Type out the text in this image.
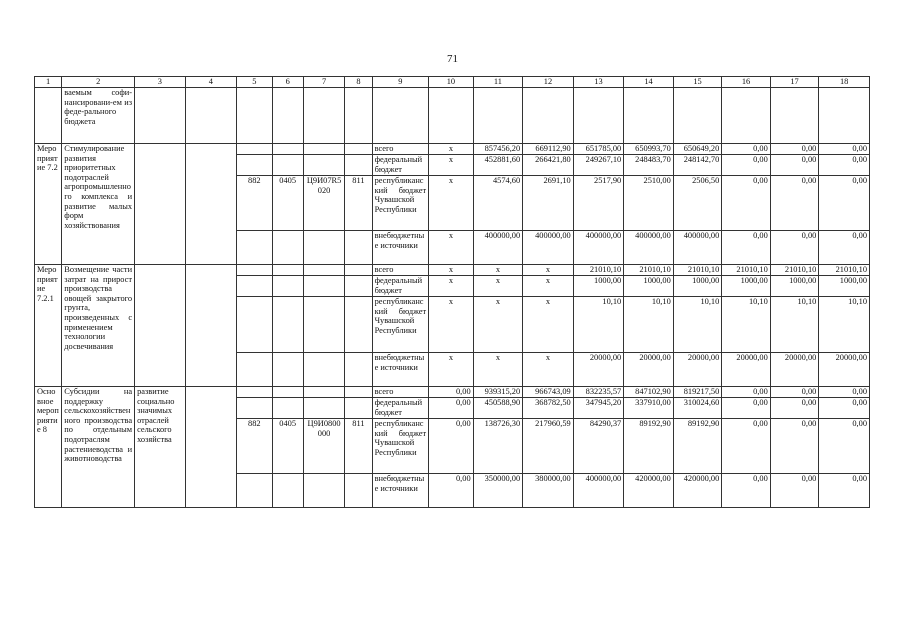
71
1	2	3	4	5	6	7	8	9	10	11	12	13	14	15	16	17	18
	ваемым софи-нансировани-ем из феде-рального бюджета																
Мероприятие 7.2	Стимулирование развития приоритетных подотраслей агропромышленного комплекса и развитие малых форм хозяйствования							всего	x	857456,20	669112,90	651785,00	650993,70	650649,20	0,00	0,00	0,00
								федеральный бюджет	x	452881,60	266421,80	249267,10	248483,70	248142,70	0,00	0,00	0,00
				882	0405	Ц9И07R5020	811	республиканский бюджет Чувашской Республики	x	4574,60	2691,10	2517,90	2510,00	2506,50	0,00	0,00	0,00
								внебюджетные источники	x	400000,00	400000,00	400000,00	400000,00	400000,00	0,00	0,00	0,00
Мероприятие 7.2.1	Возмещение части затрат на прирост производства овощей закрытого грунта, произведенных с применением технологии досвечивания							всего	x	x	x	21010,10	21010,10	21010,10	21010,10	21010,10	21010,10
								федеральный бюджет	x	x	x	1000,00	1000,00	1000,00	1000,00	1000,00	1000,00
								республиканский бюджет Чувашской Республики	x	x	x	10,10	10,10	10,10	10,10	10,10	10,10
								внебюджетные источники	x	x	x	20000,00	20000,00	20000,00	20000,00	20000,00	20000,00
Основное мероприятие 8	Субсидии на поддержку сельскохозяйственного производства по отдельным подотраслям растениеводства и животноводства	развитие социально значимых отраслей сельского хозяйства						всего	0,00	939315,20	966743,09	832235,57	847102,90	819217,50	0,00	0,00	0,00
								федеральный бюджет	0,00	450588,90	368782,50	347945,20	337910,00	310024,60	0,00	0,00	0,00
				882	0405	Ц9И0800000	811	республиканский бюджет Чувашской Республики	0,00	138726,30	217960,59	84290,37	89192,90	89192,90	0,00	0,00	0,00
								внебюджетные источники	0,00	350000,00	380000,00	400000,00	420000,00	420000,00	0,00	0,00	0,00
